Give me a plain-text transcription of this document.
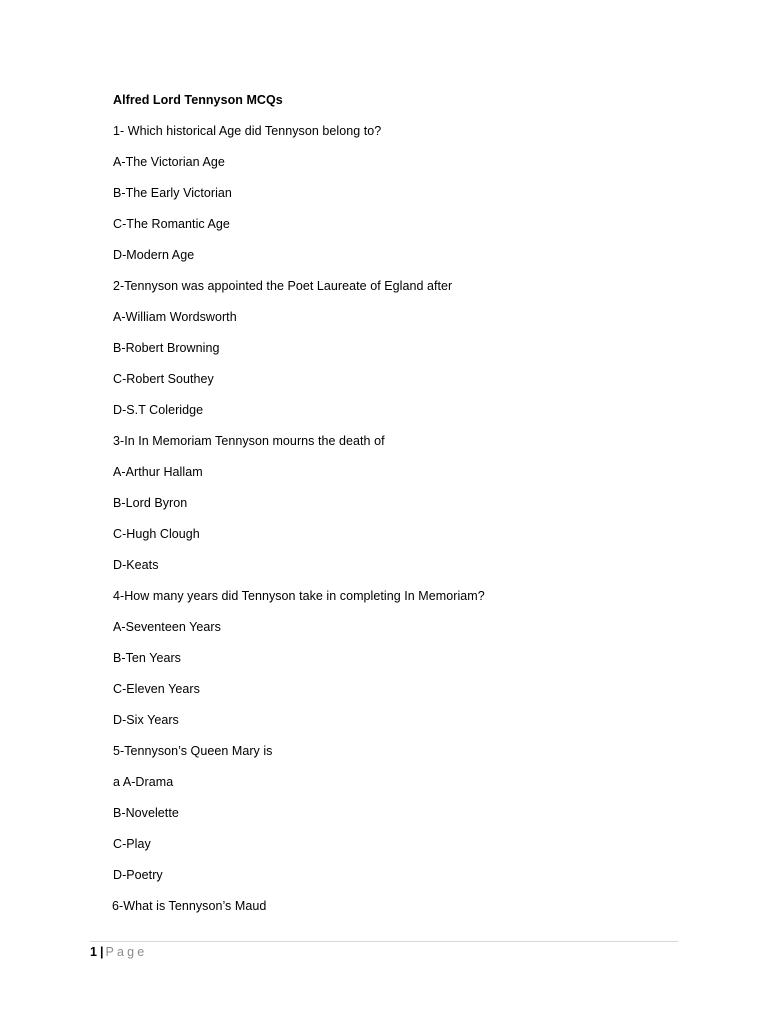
Alfred Lord Tennyson MCQs
1- Which historical Age did Tennyson belong to?
A-The Victorian Age
B-The Early Victorian
C-The Romantic Age
D-Modern Age
2-Tennyson was appointed the Poet Laureate of Egland after
A-William Wordsworth
B-Robert Browning
C-Robert Southey
D-S.T Coleridge
3-In In Memoriam Tennyson mourns the death of
A-Arthur Hallam
B-Lord Byron
C-Hugh Clough
D-Keats
4-How many years did Tennyson take in completing In Memoriam?
A-Seventeen Years
B-Ten Years
C-Eleven Years
D-Six Years
5-Tennyson’s Queen Mary is
a A-Drama
B-Novelette
C-Play
D-Poetry
6-What is Tennyson’s Maud
1 | Page
